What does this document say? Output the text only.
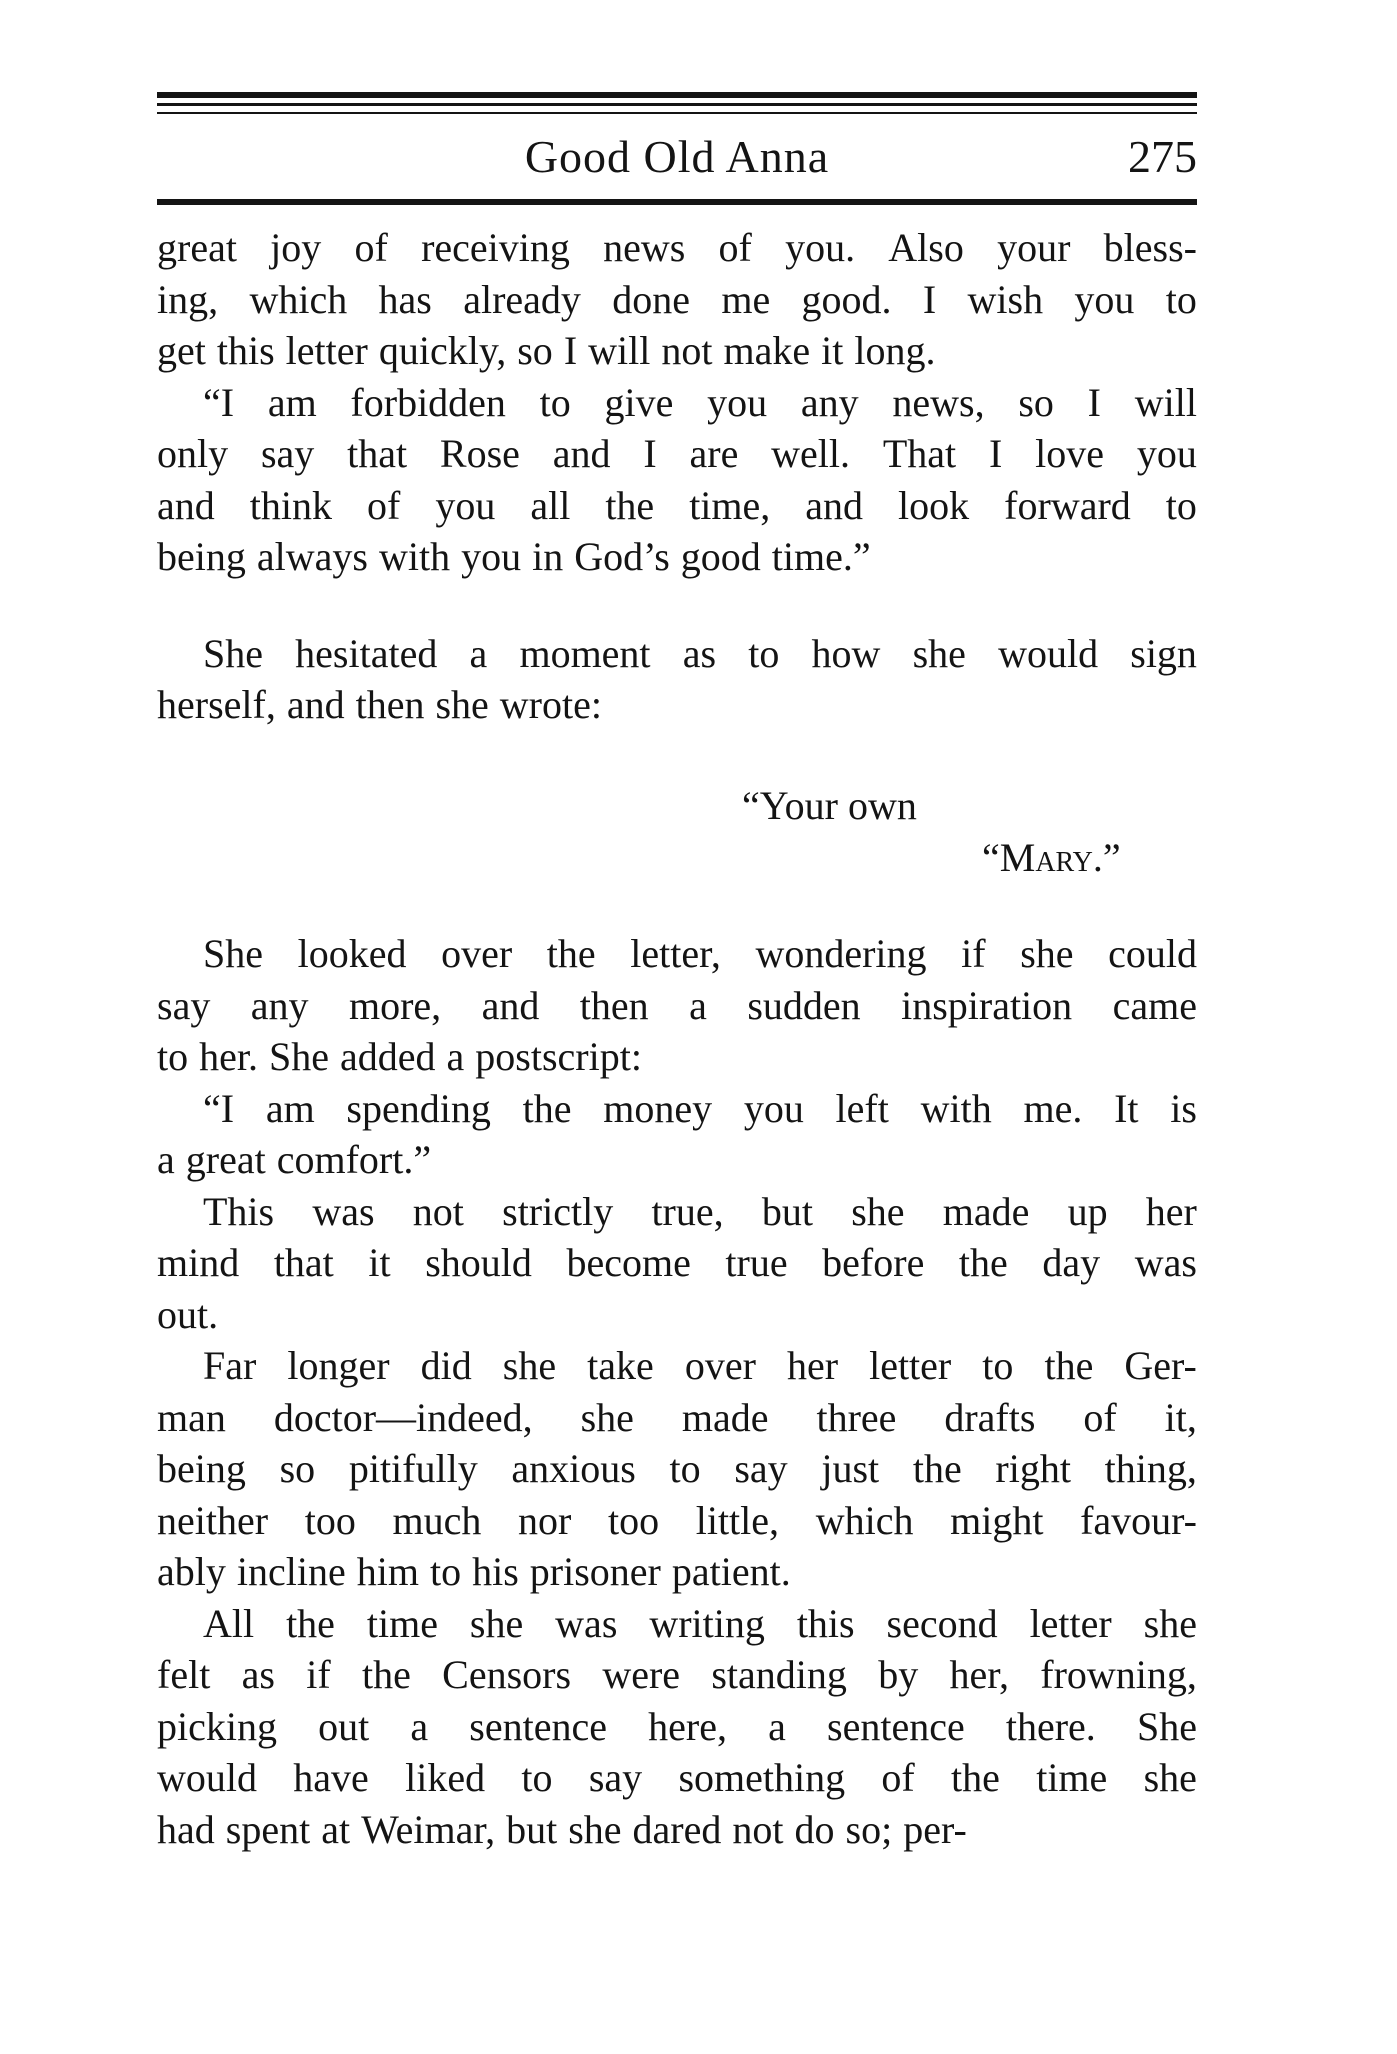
Good Old Anna	275
great joy of receiving news of you. Also your bless-
ing, which has already done me good. I wish you to
get this letter quickly, so I will not make it long.
“I am forbidden to give you any news, so I will
only say that Rose and I are well. That I love you
and think of you all the time, and look forward to
being always with you in God’s good time.”
She hesitated a moment as to how she would sign
herself, and then she wrote:
“Your own
“Mary.”
She looked over the letter, wondering if she could
say any more, and then a sudden inspiration came
to her. She added a postscript:
“I am spending the money you left with me. It is
a great comfort.”
This was not strictly true, but she made up her
mind that it should become true before the day was
out.
Far longer did she take over her letter to the Ger-
man doctor—indeed, she made three drafts of it,
being so pitifully anxious to say just the right thing,
neither too much nor too little, which might favour-
ably incline him to his prisoner patient.
All the time she was writing this second letter she
felt as if the Censors were standing by her, frowning,
picking out a sentence here, a sentence there. She
would have liked to say something of the time she
had spent at Weimar, but she dared not do so; per-
